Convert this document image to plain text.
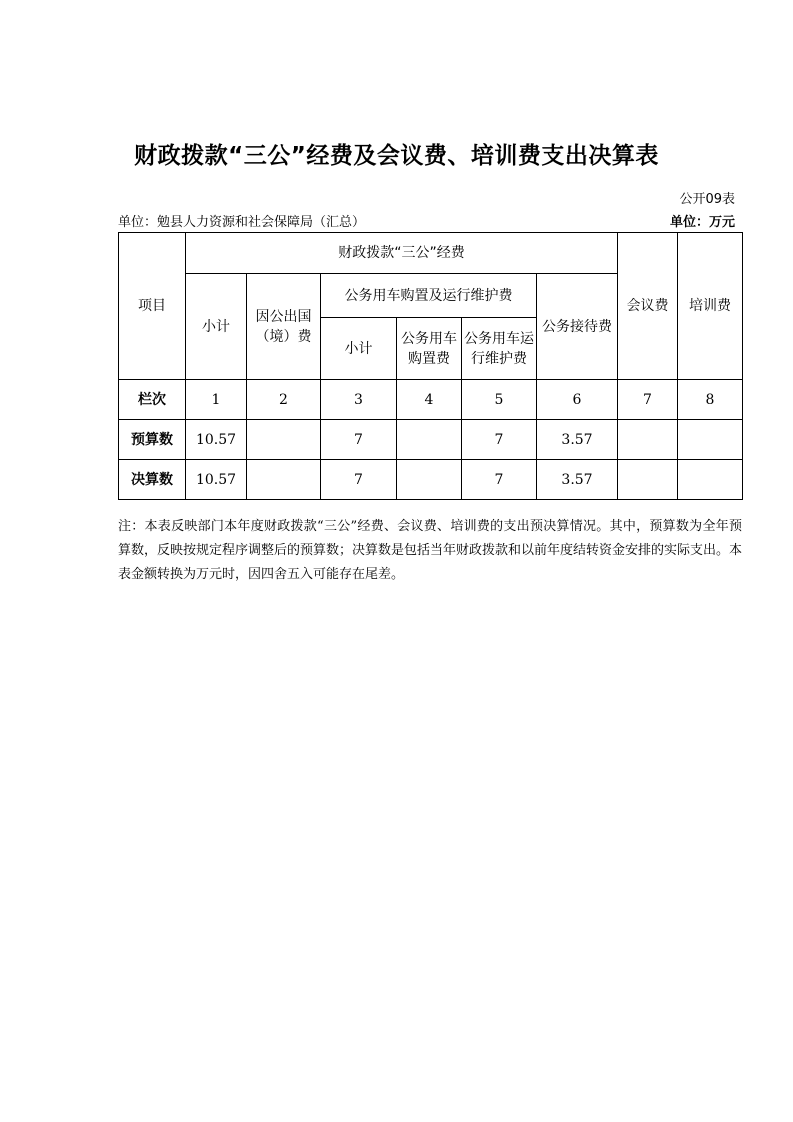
财政拨款“三公”经费及会议费、培训费支出决算表
公开09表
单位：勉县人力资源和社会保障局（汇总）	单位：万元
项目	财政拨款“三公”经费						会议费	培训费
	小计	因公出国（境）费	公务用车购置及运行维护费			公务接待费		
			小计	公务用车购置费	公务用车运行维护费			

栏次	1	2	3	4	5	6	7	8
预算数	10.57		7		7	3.57		
决算数	10.57		7		7	3.57		
注：本表反映部门本年度财政拨款“三公”经费、会议费、培训费的支出预决算情况。其中，预算数为全年预算数，反映按规定程序调整后的预算数；决算数是包括当年财政拨款和以前年度结转资金安排的实际支出。本表金额转换为万元时，因四舍五入可能存在尾差。
